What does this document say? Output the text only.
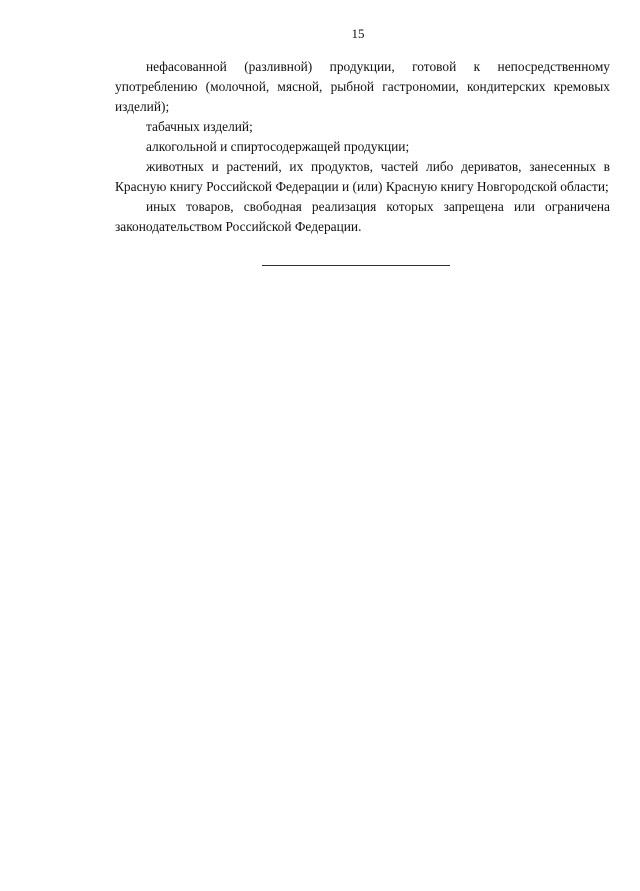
15

нефасованной (разливной) продукции, готовой к непосредственному употреблению (молочной, мясной, рыбной гастрономии, кондитерских кремовых изделий);

табачных изделий;

алкогольной и спиртосодержащей продукции;

животных и растений, их продуктов, частей либо дериватов, занесенных в Красную книгу Российской Федерации и (или) Красную книгу Новгородской области;

иных товаров, свободная реализация которых запрещена или ограничена законодательством Российской Федерации.
